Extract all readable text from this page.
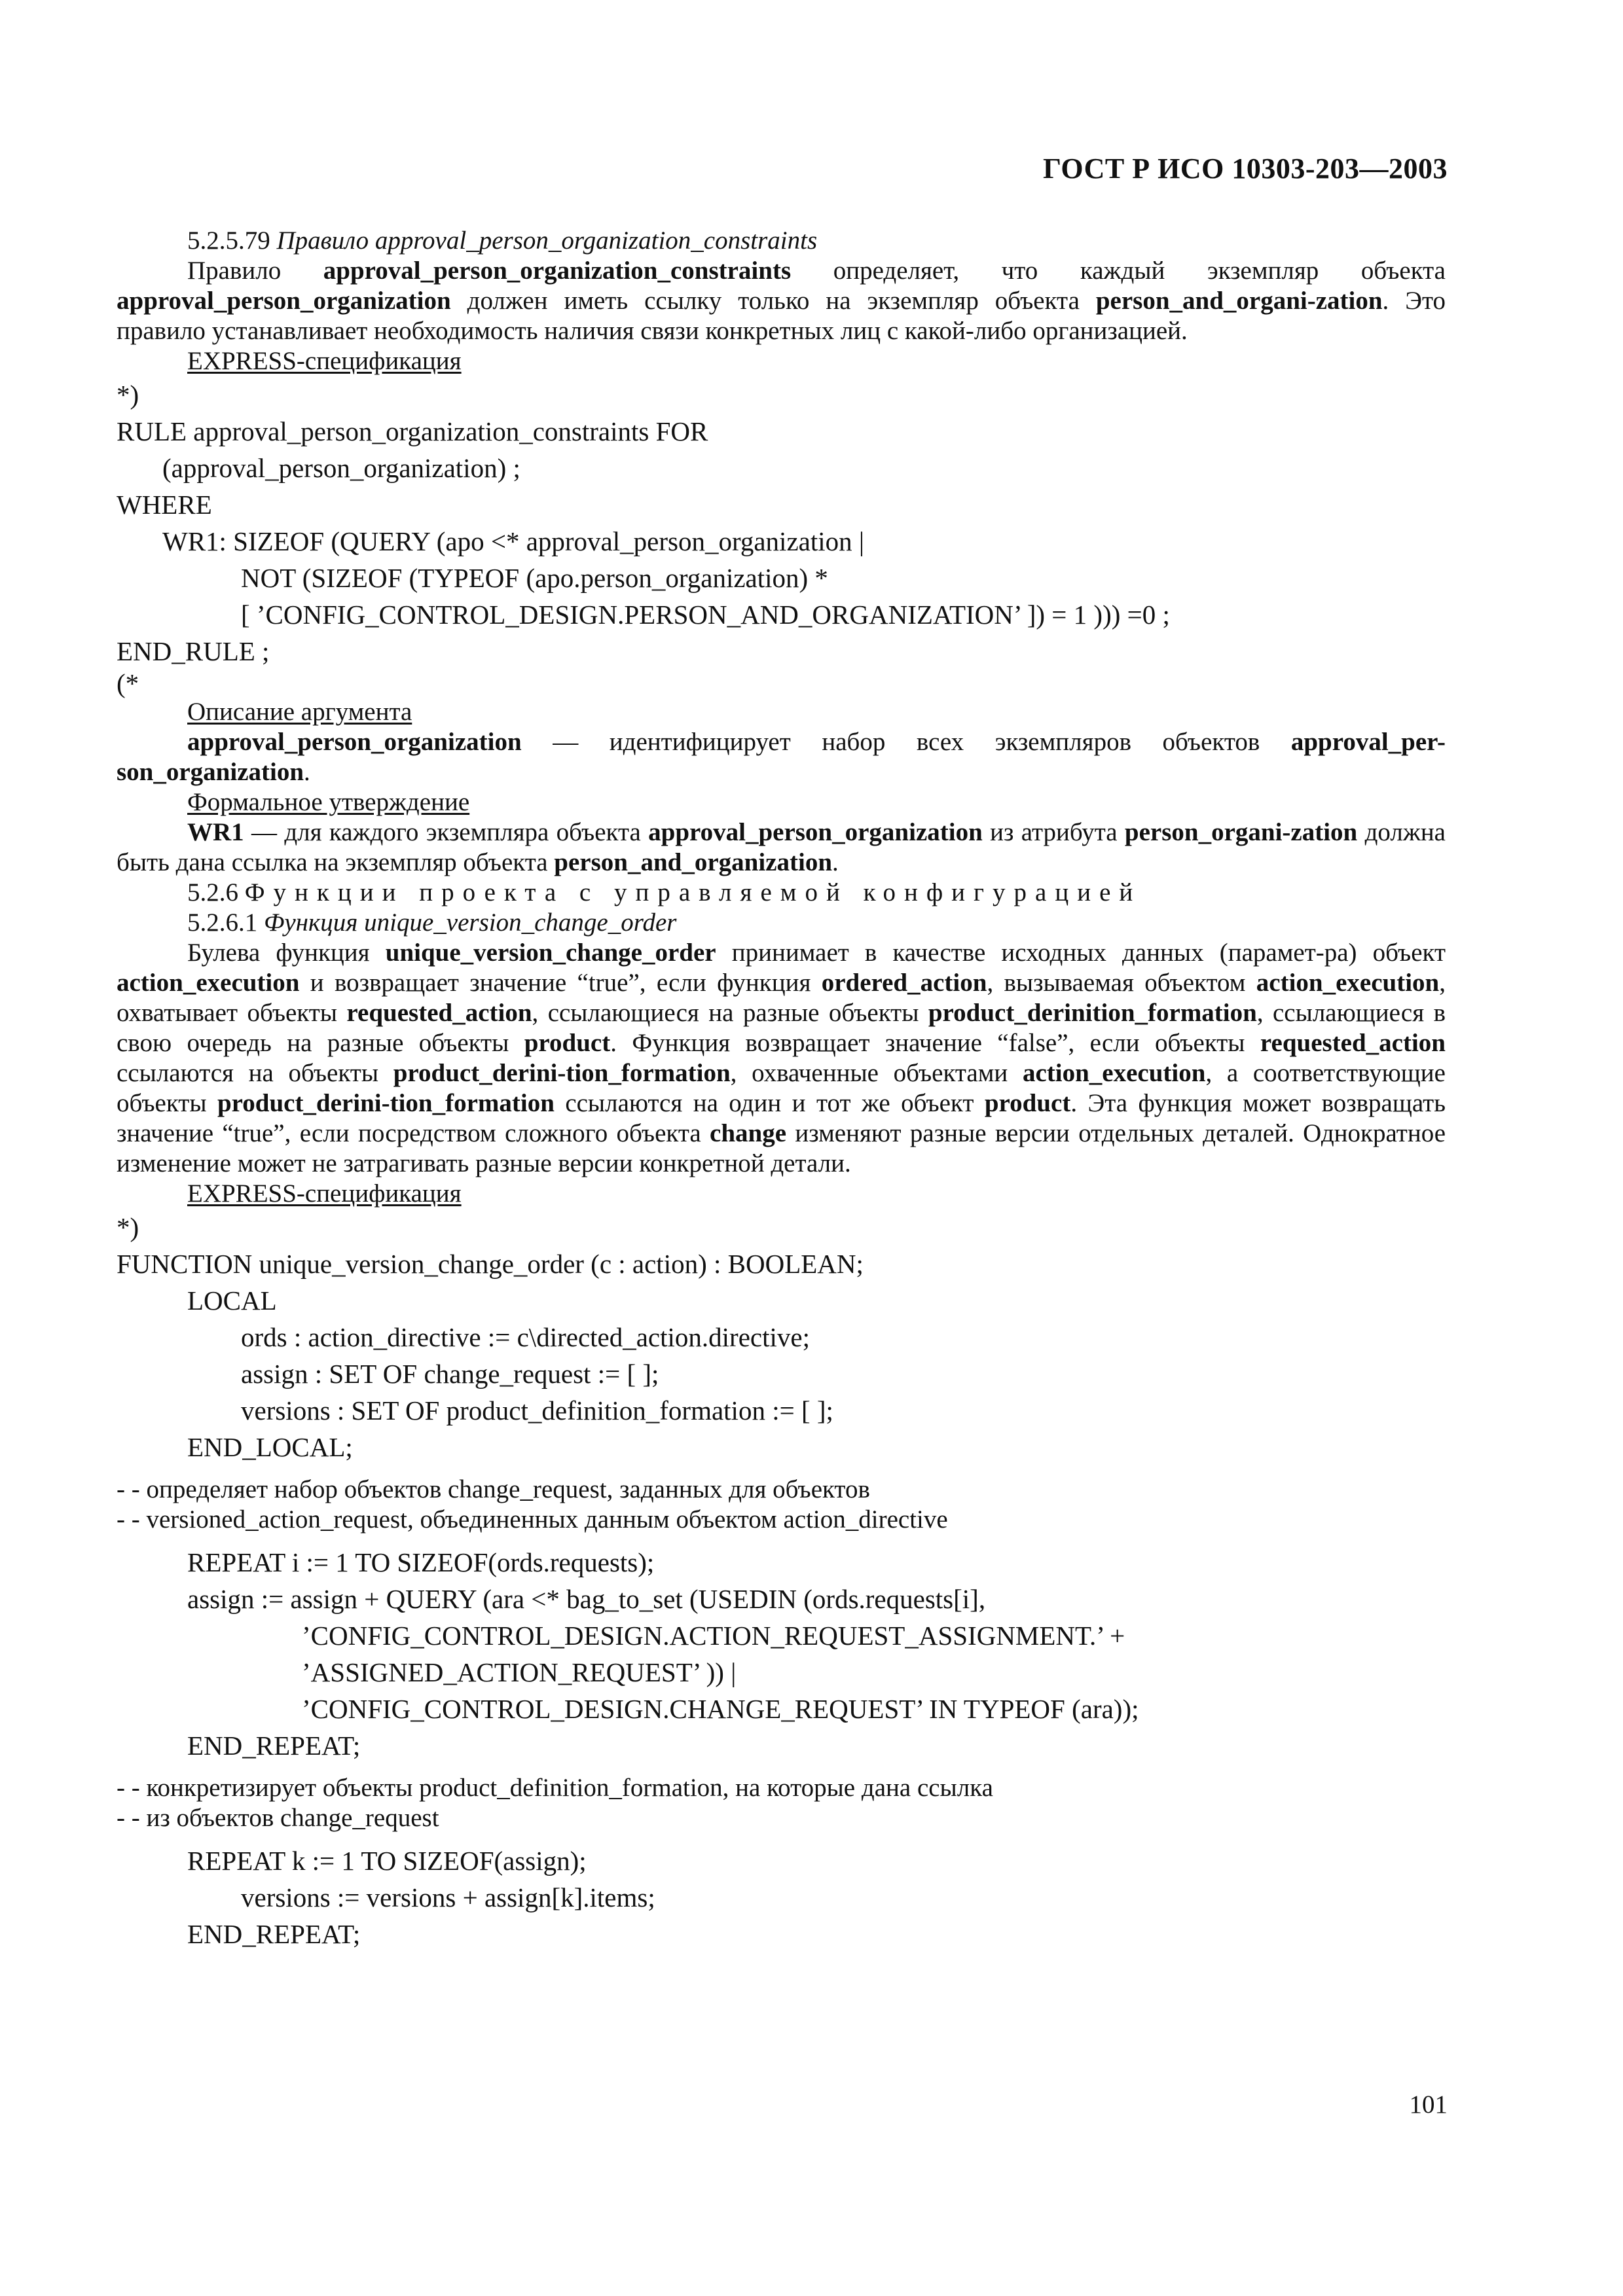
ГОСТ Р ИСО 10303-203—2003

5.2.5.79 Правило approval_person_organization_constraints

Правило approval_person_organization_constraints определяет, что каждый экземпляр объекта approval_person_organization должен иметь ссылку только на экземпляр объекта person_and_organi-zation. Это правило устанавливает необходимость наличия связи конкретных лиц с какой-либо организацией.

EXPRESS-спецификация

*)
RULE approval_person_organization_constraints FOR
(approval_person_organization) ;
WHERE
WR1: SIZEOF (QUERY (apo <* approval_person_organization |
NOT (SIZEOF (TYPEOF (apo.person_organization) *
[ ’CONFIG_CONTROL_DESIGN.PERSON_AND_ORGANIZATION’ ]) = 1 ))) =0 ;
END_RULE ;
(*

Описание аргумента

approval_person_organization — идентифицирует набор всех экземпляров объектов approval_per-son_organization.

Формальное утверждение

WR1 — для каждого экземпляра объекта approval_person_organization из атрибута person_organi-zation должна быть дана ссылка на экземпляр объекта person_and_organization.

5.2.6 Функции проекта с управляемой конфигурацией

5.2.6.1 Функция unique_version_change_order

Булева функция unique_version_change_order принимает в качестве исходных данных (парамет-ра) объект action_execution и возвращает значение “true”, если функция ordered_action, вызываемая объектом action_execution, охватывает объекты requested_action, ссылающиеся на разные объекты product_derinition_formation, ссылающиеся в свою очередь на разные объекты product. Функция возвращает значение “false”, если объекты requested_action ссылаются на объекты product_derini-tion_formation, охваченные объектами action_execution, а соответствующие объекты product_derini-tion_formation ссылаются на один и тот же объект product. Эта функция может возвращать значение “true”, если посредством сложного объекта change изменяют разные версии отдельных деталей. Однократное изменение может не затрагивать разные версии конкретной детали.

EXPRESS-спецификация

*)
FUNCTION unique_version_change_order (c : action) : BOOLEAN;
LOCAL
ords : action_directive := c\directed_action.directive;
assign : SET OF change_request := [ ];
versions : SET OF product_definition_formation := [ ];
END_LOCAL;
- - определяет набор объектов change_request, заданных для объектов
- - versioned_action_request, объединенных данным объектом action_directive
REPEAT i := 1 TO SIZEOF(ords.requests);
assign := assign + QUERY (ara <* bag_to_set (USEDIN (ords.requests[i],
’CONFIG_CONTROL_DESIGN.ACTION_REQUEST_ASSIGNMENT.’ +
’ASSIGNED_ACTION_REQUEST’ )) |
’CONFIG_CONTROL_DESIGN.CHANGE_REQUEST’ IN TYPEOF (ara));
END_REPEAT;
- - конкретизирует объекты product_definition_formation, на которые дана ссылка
- - из объектов change_request
REPEAT k := 1 TO SIZEOF(assign);
versions := versions + assign[k].items;
END_REPEAT;
101
